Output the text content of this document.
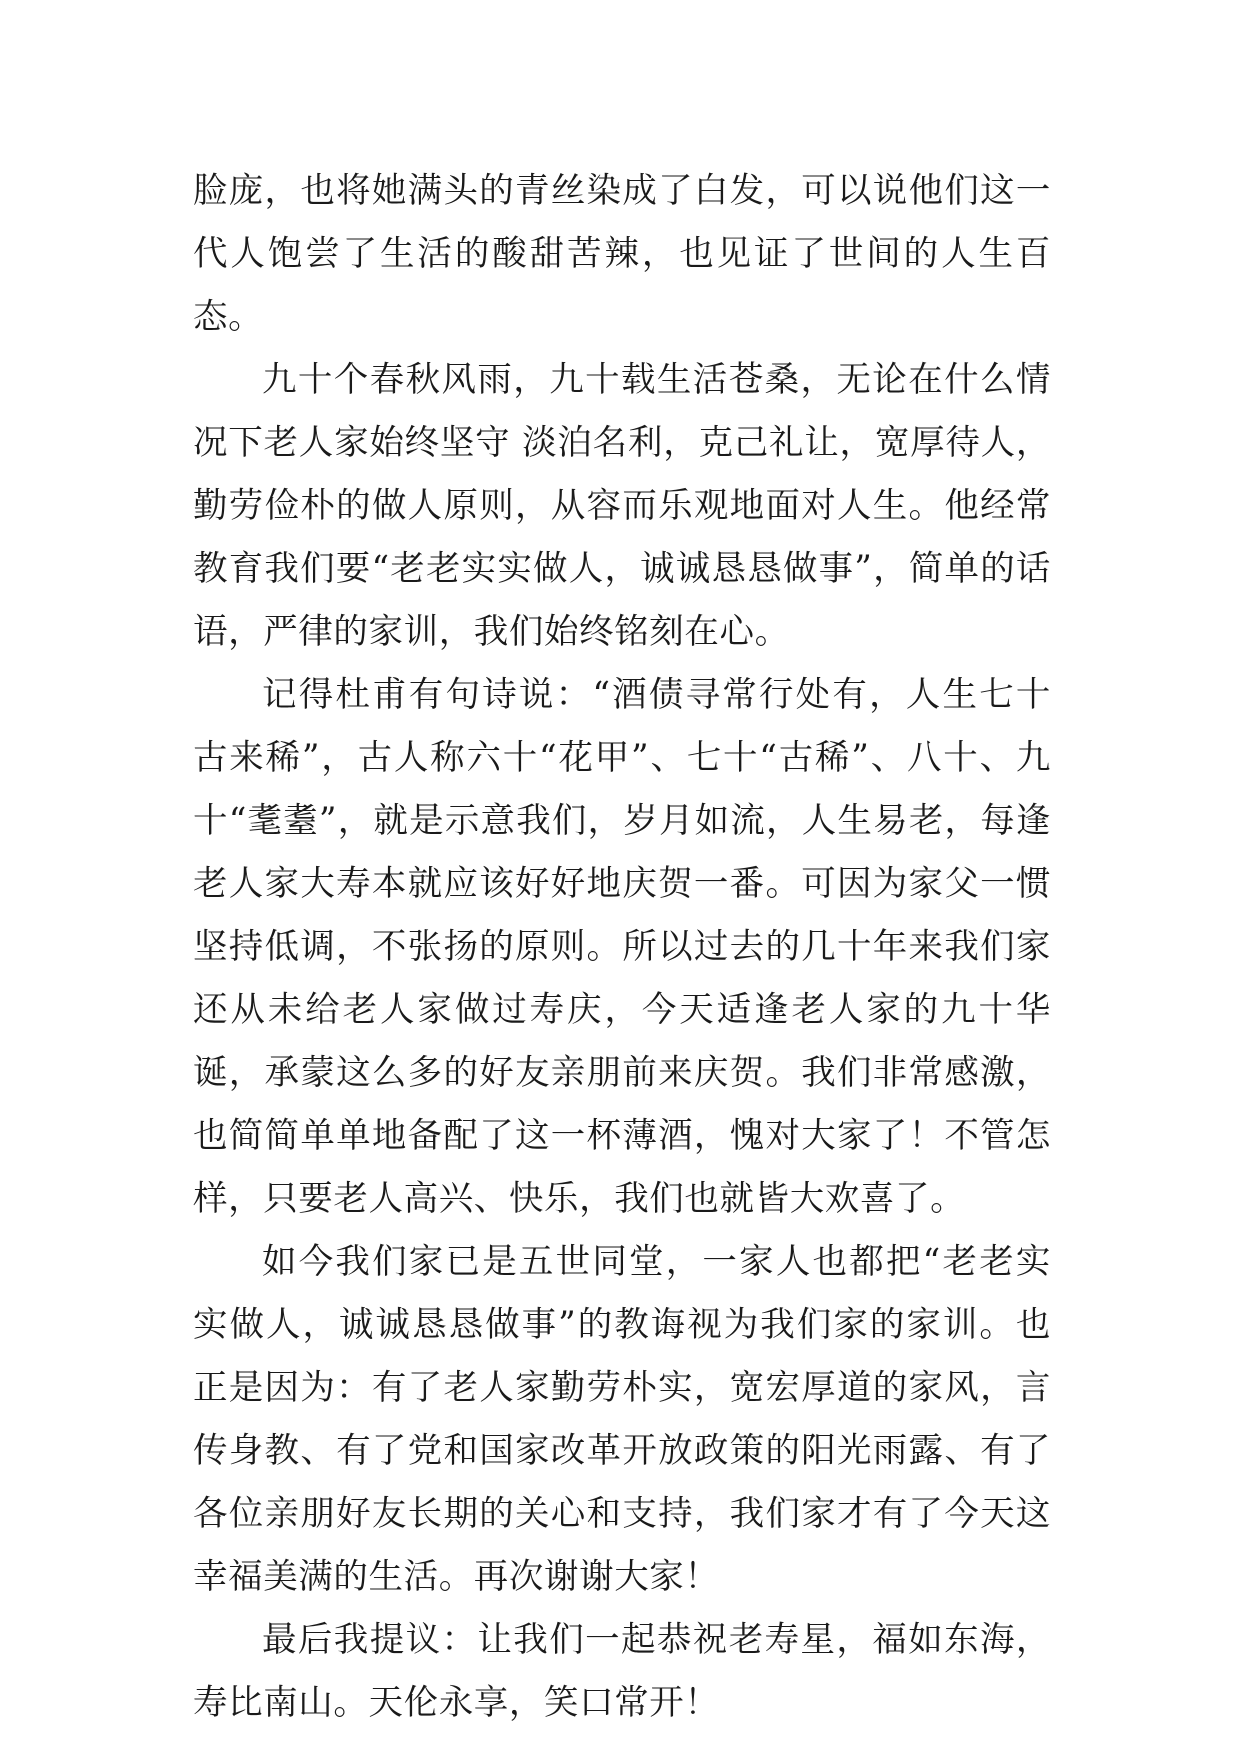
脸庞，也将她满头的青丝染成了白发，可以说他们这一代人饱尝了生活的酸甜苦辣，也见证了世间的人生百态。

九十个春秋风雨，九十载生活苍桑，无论在什么情况下老人家始终坚守 淡泊名利，克己礼让，宽厚待人，勤劳俭朴的做人原则，从容而乐观地面对人生。他经常教育我们要“老老实实做人，诚诚恳恳做事”，简单的话语，严律的家训，我们始终铭刻在心。

记得杜甫有句诗说：“酒债寻常行处有，人生七十古来稀”，古人称六十“花甲”、七十“古稀”、八十、九十“耄耋”，就是示意我们，岁月如流，人生易老，每逢老人家大寿本就应该好好地庆贺一番。可因为家父一惯坚持低调，不张扬的原则。所以过去的几十年来我们家还从未给老人家做过寿庆，今天适逢老人家的九十华诞，承蒙这么多的好友亲朋前来庆贺。我们非常感激，也简简单单地备配了这一杯薄酒，愧对大家了！不管怎样，只要老人高兴、快乐，我们也就皆大欢喜了。

如今我们家已是五世同堂，一家人也都把“老老实实做人，诚诚恳恳做事”的教诲视为我们家的家训。也正是因为：有了老人家勤劳朴实，宽宏厚道的家风，言传身教、有了党和国家改革开放政策的阳光雨露、有了各位亲朋好友长期的关心和支持，我们家才有了今天这幸福美满的生活。再次谢谢大家！

最后我提议：让我们一起恭祝老寿星，福如东海，寿比南山。天伦永享，笑口常开！
